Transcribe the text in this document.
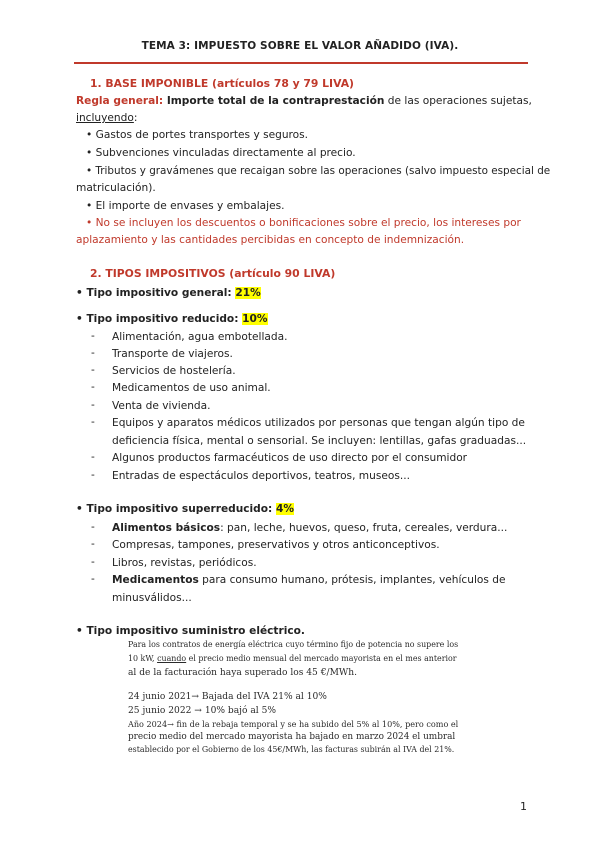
TEMA 3: IMPUESTO SOBRE EL VALOR AÑADIDO (IVA).
1. BASE IMPONIBLE (artículos 78 y 79 LIVA)
Regla general: Importe total de la contraprestación de las operaciones sujetas,
incluyendo:
• Gastos de portes transportes y seguros.
• Subvenciones vinculadas directamente al precio.
• Tributos y gravámenes que recaigan sobre las operaciones (salvo impuesto especial de
matriculación).
• El importe de envases y embalajes.
• No se incluyen los descuentos o bonificaciones sobre el precio, los intereses por
aplazamiento y las cantidades percibidas en concepto de indemnización.
2. TIPOS IMPOSITIVOS (artículo 90 LIVA)
• Tipo impositivo general: 21%
• Tipo impositivo reducido: 10%
- Alimentación, agua embotellada.
- Transporte de viajeros.
- Servicios de hostelería.
- Medicamentos de uso animal.
- Venta de vivienda.
- Equipos y aparatos médicos utilizados por personas que tengan algún tipo de
deficiencia física, mental o sensorial. Se incluyen: lentillas, gafas graduadas...
- Algunos productos farmacéuticos de uso directo por el consumidor
- Entradas de espectáculos deportivos, teatros, museos...
• Tipo impositivo superreducido: 4%
- Alimentos básicos: pan, leche, huevos, queso, fruta, cereales, verdura...
- Compresas, tampones, preservativos y otros anticonceptivos.
- Libros, revistas, periódicos.
- Medicamentos para consumo humano, prótesis, implantes, vehículos de
minusválidos...
• Tipo impositivo suministro eléctrico.
Para los contratos de energía eléctrica cuyo término fijo de potencia no supere los
10 kW, cuando el precio medio mensual del mercado mayorista en el mes anterior
al de la facturación haya superado los 45 €/MWh.
24 junio 2021→ Bajada del IVA 21% al 10%
25 junio 2022 → 10% bajó al 5%
Año 2024→ fin de la rebaja temporal y se ha subido del 5% al 10%, pero como el
precio medio del mercado mayorista ha bajado en marzo 2024 el umbral
establecido por el Gobierno de los 45€/MWh, las facturas subirán al IVA del 21%.
1
